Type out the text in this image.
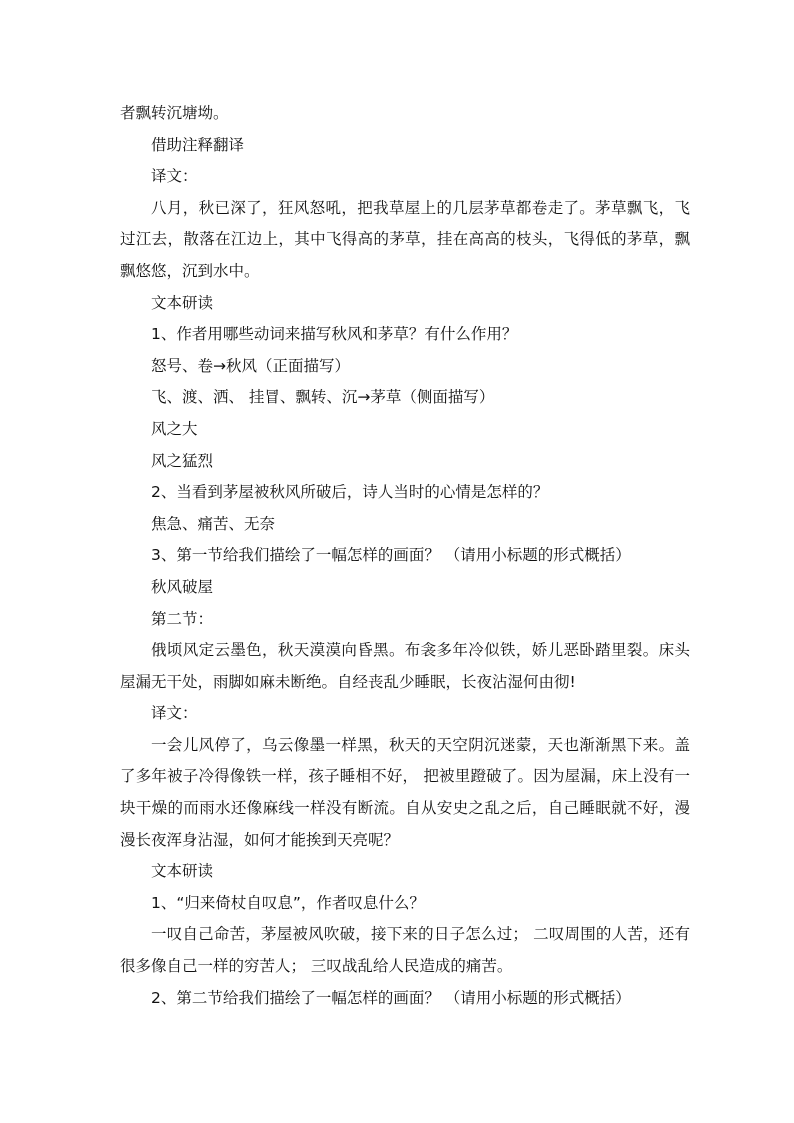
者飘转沉塘坳。

借助注释翻译

译文：

八月，秋已深了，狂风怒吼，把我草屋上的几层茅草都卷走了。茅草飘飞，飞过江去，散落在江边上，其中飞得高的茅草，挂在高高的枝头，飞得低的茅草，飘飘悠悠，沉到水中。

文本研读

1、作者用哪些动词来描写秋风和茅草？有什么作用？

怒号、卷→秋风（正面描写）

飞、渡、洒、 挂冒、飘转、沉→茅草（侧面描写）

风之大

风之猛烈

2、当看到茅屋被秋风所破后，诗人当时的心情是怎样的？

焦急、痛苦、无奈

3、第一节给我们描绘了一幅怎样的画面？ （请用小标题的形式概括）

秋风破屋

第二节：

俄顷风定云墨色，秋天漠漠向昏黑。布衾多年冷似铁，娇儿恶卧踏里裂。床头屋漏无干处，雨脚如麻未断绝。自经丧乱少睡眠，长夜沾湿何由彻!

译文：

一会儿风停了，乌云像墨一样黑，秋天的天空阴沉迷蒙，天也渐渐黑下来。盖了多年被子冷得像铁一样，孩子睡相不好， 把被里蹬破了。因为屋漏，床上没有一块干燥的而雨水还像麻线一样没有断流。自从安史之乱之后，自己睡眠就不好，漫漫长夜浑身沾湿，如何才能挨到天亮呢？

文本研读

1、“归来倚杖自叹息”，作者叹息什么？

一叹自己命苦，茅屋被风吹破，接下来的日子怎么过； 二叹周围的人苦，还有很多像自己一样的穷苦人； 三叹战乱给人民造成的痛苦。

2、第二节给我们描绘了一幅怎样的画面？ （请用小标题的形式概括）
